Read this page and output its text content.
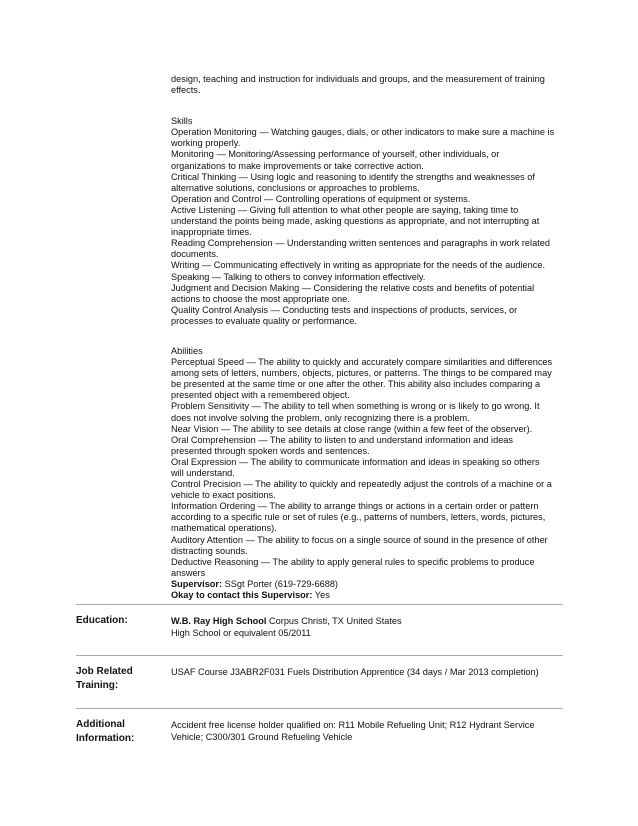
design, teaching and instruction for individuals and groups, and the measurement of training
effects.

Skills
Operation Monitoring — Watching gauges, dials, or other indicators to make sure a machine is
working properly.
Monitoring — Monitoring/Assessing performance of yourself, other individuals, or
organizations to make improvements or take corrective action.
Critical Thinking — Using logic and reasoning to identify the strengths and weaknesses of
alternative solutions, conclusions or approaches to problems.
Operation and Control — Controlling operations of equipment or systems.
Active Listening — Giving full attention to what other people are saying, taking time to
understand the points being made, asking questions as appropriate, and not interrupting at
inappropriate times.
Reading Comprehension — Understanding written sentences and paragraphs in work related
documents.
Writing — Communicating effectively in writing as appropriate for the needs of the audience.
Speaking — Talking to others to convey information effectively.
Judgment and Decision Making — Considering the relative costs and benefits of potential
actions to choose the most appropriate one.
Quality Control Analysis — Conducting tests and inspections of products, services, or
processes to evaluate quality or performance.

Abilities
Perceptual Speed — The ability to quickly and accurately compare similarities and differences
among sets of letters, numbers, objects, pictures, or patterns. The things to be compared may
be presented at the same time or one after the other. This ability also includes comparing a
presented object with a remembered object.
Problem Sensitivity — The ability to tell when something is wrong or is likely to go wrong. It
does not involve solving the problem, only recognizing there is a problem.
Near Vision — The ability to see details at close range (within a few feet of the observer).
Oral Comprehension — The ability to listen to and understand information and ideas
presented through spoken words and sentences.
Oral Expression — The ability to communicate information and ideas in speaking so others
will understand.
Control Precision — The ability to quickly and repeatedly adjust the controls of a machine or a
vehicle to exact positions.
Information Ordering — The ability to arrange things or actions in a certain order or pattern
according to a specific rule or set of rules (e.g., patterns of numbers, letters, words, pictures,
mathematical operations).
Auditory Attention — The ability to focus on a single source of sound in the presence of other
distracting sounds.
Deductive Reasoning — The ability to apply general rules to specific problems to produce
answers
Supervisor: SSgt Porter (619-729-6688)
Okay to contact this Supervisor: Yes

Education:	W.B. Ray High School Corpus Christi, TX United States
High School or equivalent 05/2011
Job Related
Training:
USAF Course J3ABR2F031 Fuels Distribution Apprentice (34 days / Mar 2013 completion)
Additional
Information:
Accident free license holder qualified on: R11 Mobile Refueling Unit; R12 Hydrant Service
Vehicle; C300/301 Ground Refueling Vehicle
